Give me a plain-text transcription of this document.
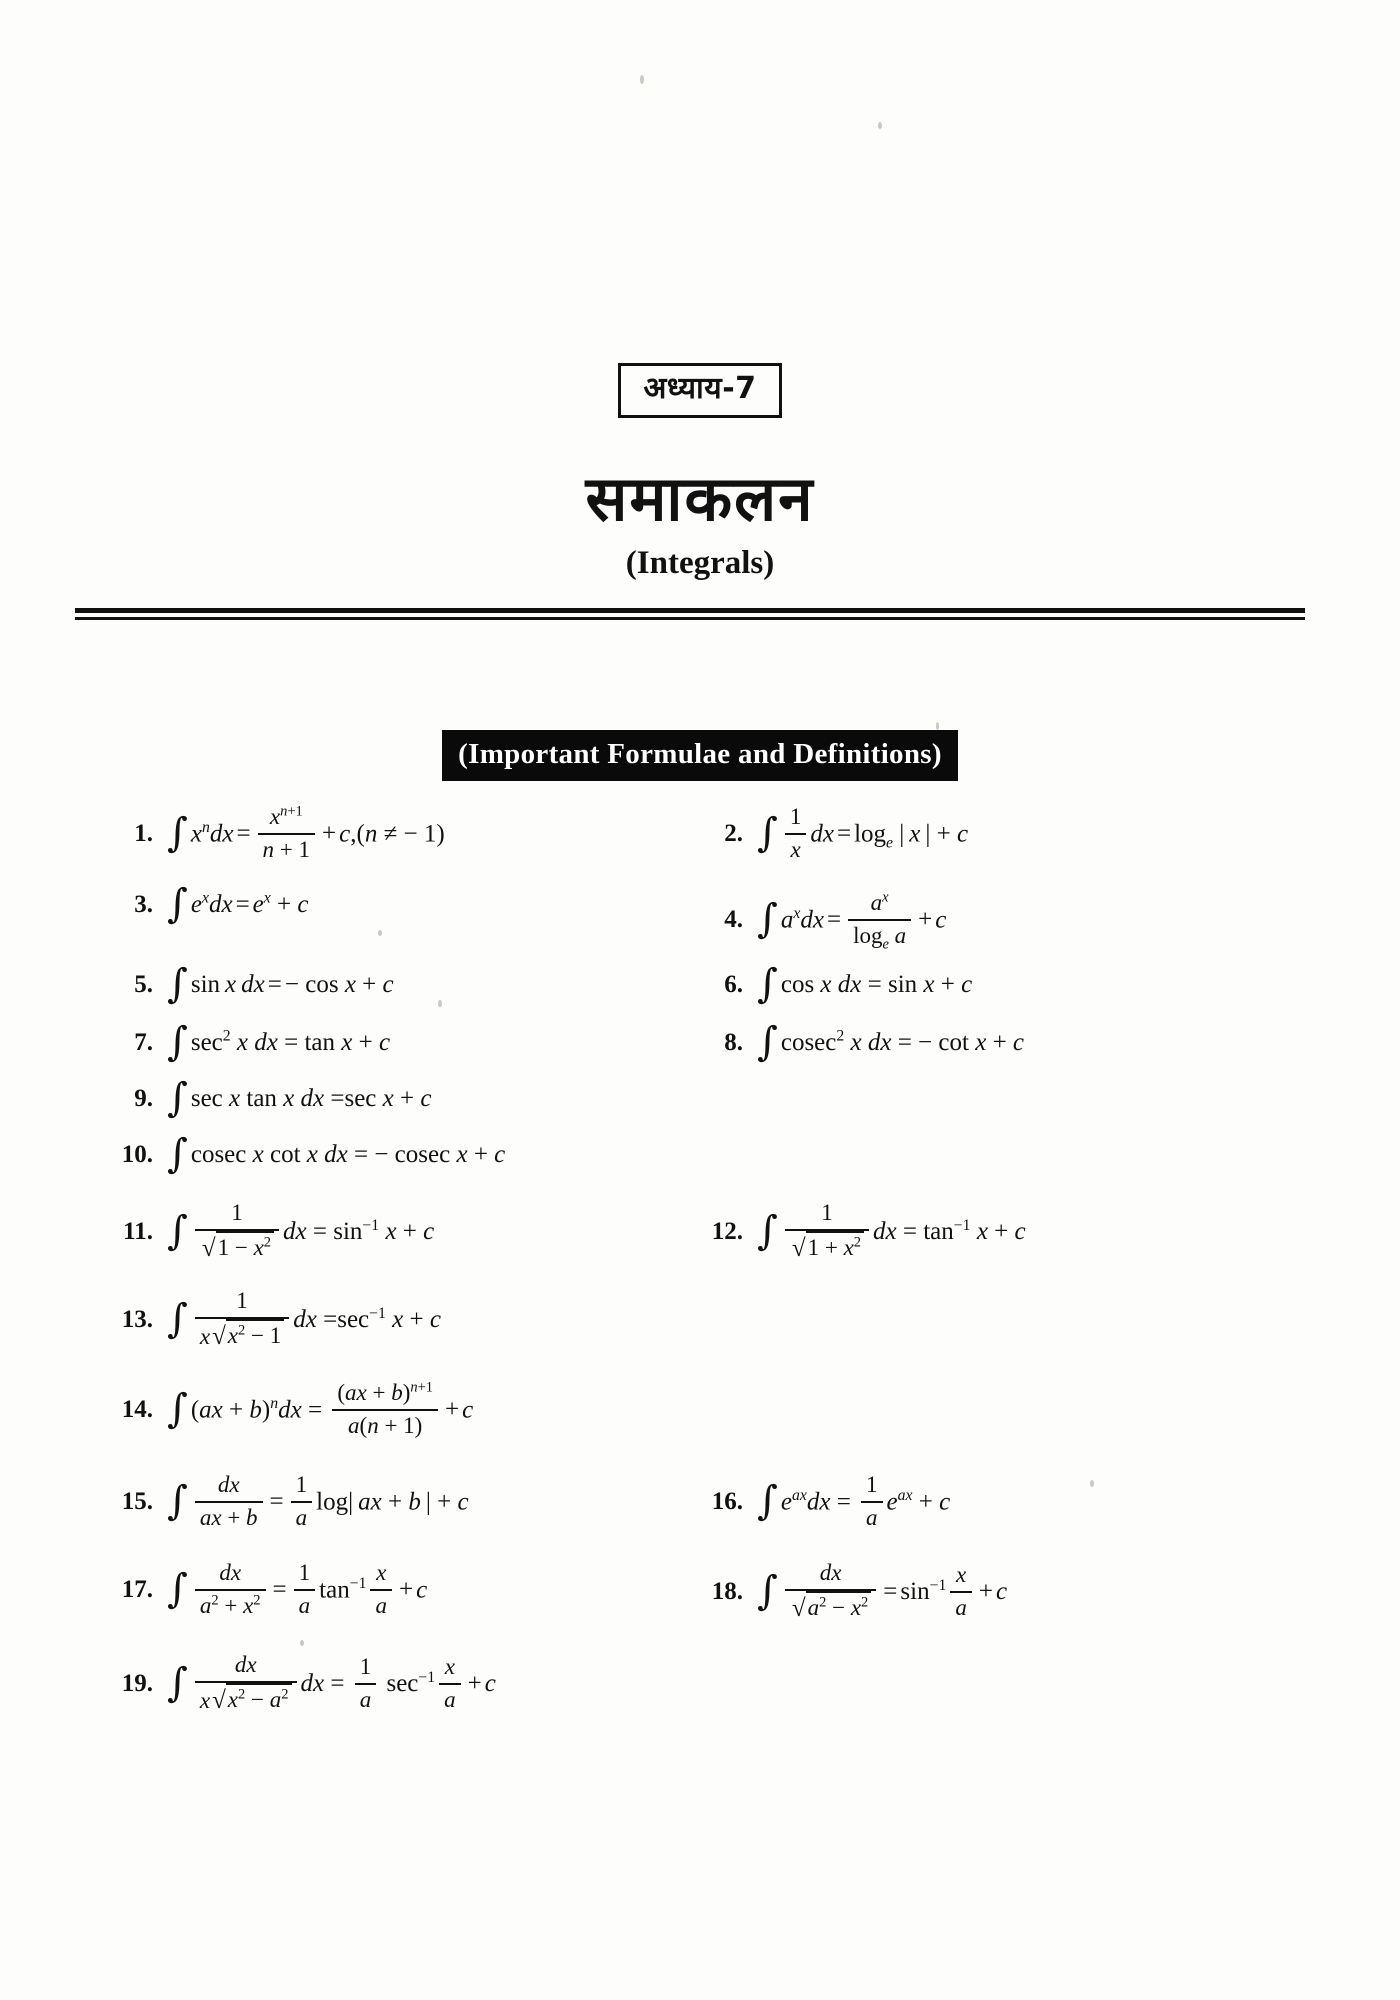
अध्याय-7
समाकलन
(Integrals)
(Important Formulae and Definitions)
1. ∫ $x^ndx = \frac{x^{n+1}}{n + 1} + c,(n$ ≠ − 1)	2. ∫ $\frac{1}{x}$ dx = $\log_e$ | x | + c
3. ∫ $e^xdx = e^x + c$
4. ∫ $a^xdx = \frac{a^x}{\log_e a} + c$
5. ∫ sin x  dx = − cos x + c	6. ∫ cos x dx = sin x + c
7. ∫ $\sec^2 x$ dx = tan x + c	8. ∫ cosec$^2$ x dx = − cot x + c
9. ∫ sec x tan x dx =sec x + c
10. ∫ cosec x cot x dx = − cosec x + c
11. ∫ $\frac{1}{√1 - x^2}$ dx = $\sin^{-1} x + c$	12. ∫ $\frac{1}{√1 + x^2}$ dx = $\tan^{-1} x + c$
13. ∫ $\frac{1}{x√x^2 - 1}$ dx $=\sec^{-1}$ x + c
14. ∫ $(ax + b)^ndx = \frac{(ax + b)^{n+1}}{a(n + 1)} + c$
15. ∫ $\frac{dx}{ax + b} = \frac{1}{a} \log|$ ax + b | + c	16. ∫ $e^{ax}dx = \frac{1}{a} e^{ax} + c$
17. ∫ $\frac{dx}{a^2 + x^2} = \frac{1}{a} \tan^{-1} \frac{x}{a} + c$	18. ∫ $\frac{dx}{√a^2 - x^2} = \sin^{-1} \frac{x}{a} + c$
19. ∫ $\frac{dx}{x√x^2 - a^2}$ dx = $\frac{1}{a} \sec^{-1} \frac{x}{a} + c$
